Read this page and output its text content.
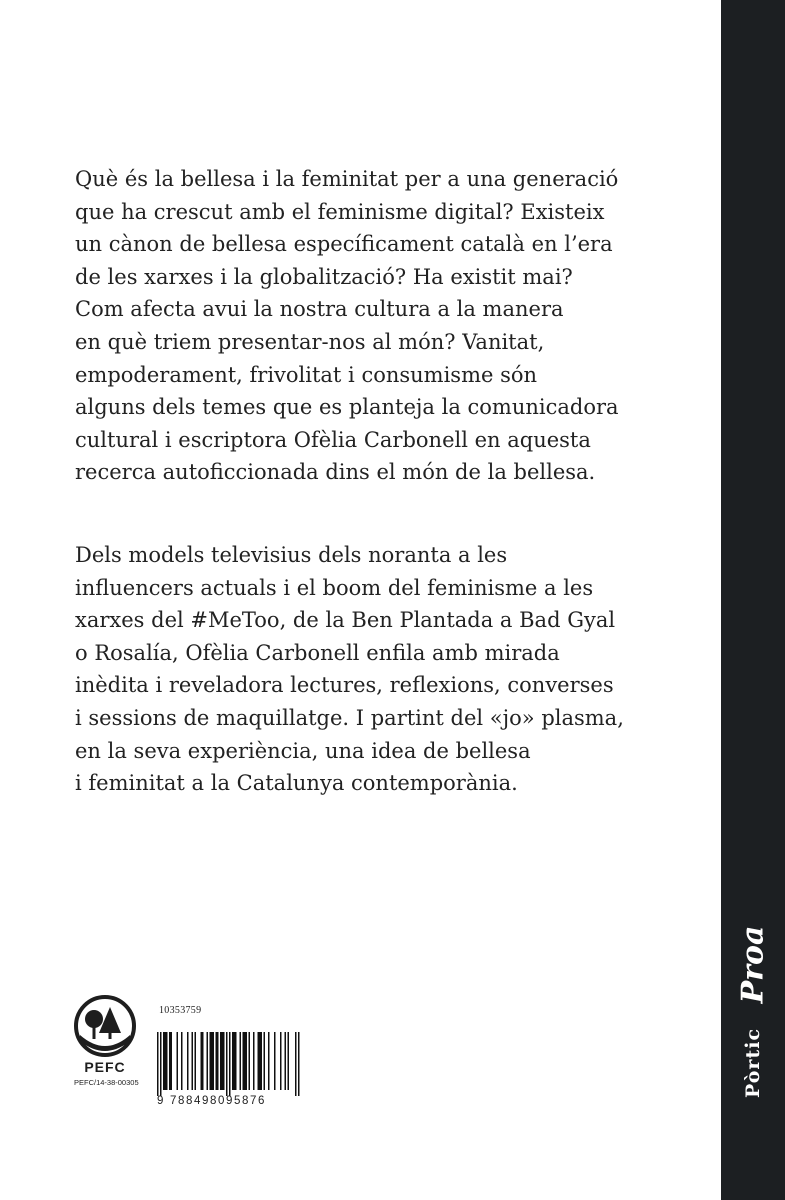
Què és la bellesa i la feminitat per a una generació
que ha crescut amb el feminisme digital? Existeix
un cànon de bellesa específicament català en l’era
de les xarxes i la globalització? Ha existit mai?
Com afecta avui la nostra cultura a la manera
en què triem presentar-nos al món? Vanitat,
empoderament, frivolitat i consumisme són
alguns dels temes que es planteja la comunicadora
cultural i escriptora Ofèlia Carbonell en aquesta
recerca autoficcionada dins el món de la bellesa.

Dels models televisius dels noranta a les
influencers actuals i el boom del feminisme a les
xarxes del #MeToo, de la Ben Plantada a Bad Gyal
o Rosalía, Ofèlia Carbonell enfila amb mirada
inèdita i reveladora lectures, reflexions, converses
i sessions de maquillatge. I partint del «jo» plasma,
en la seva experiència, una idea de bellesa
i feminitat a la Catalunya contemporània.

PEFC
PEFC/14-38-00305
10353759
9 788498095876
Proa
Pòrtic
